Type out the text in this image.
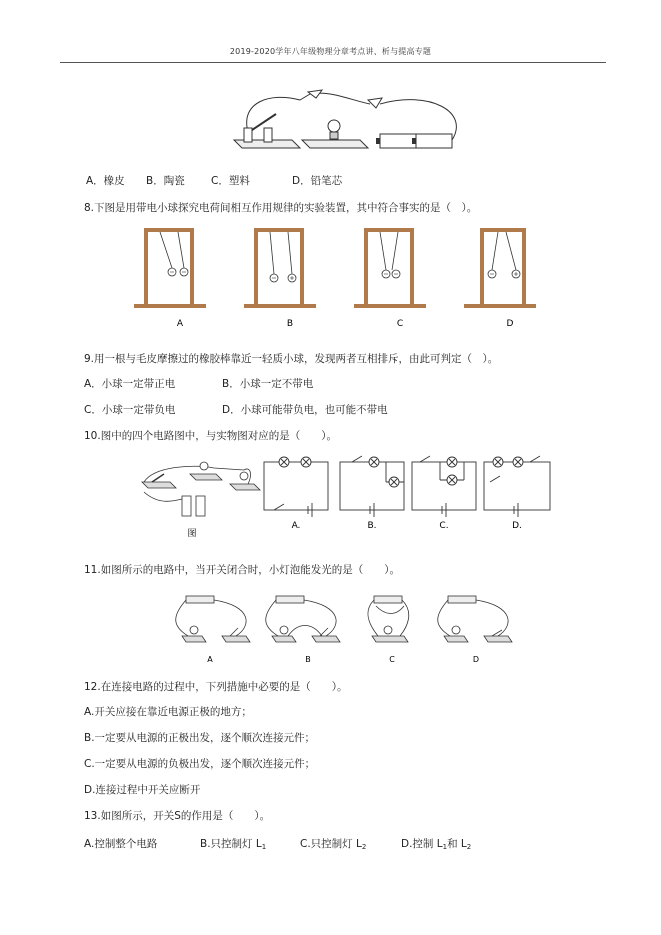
2019-2020学年八年级物理分章考点讲、析与提高专题
A．橡皮 B．陶瓷	C．塑料	D．铅笔芯
8.下图是用带电小球探究电荷间相互作用规律的实验装置，其中符合事实的是（　）。
A	B	C	D
9.用一根与毛皮摩擦过的橡胶棒靠近一轻质小球，发现两者互相排斥，由此可判定（　）。
A．小球一定带正电	B．小球一定不带电
C．小球一定带负电	D．小球可能带负电，也可能不带电
10.图中的四个电路图中，与实物图对应的是（　　）。
图
A.	B.	C.	D.
11.如图所示的电路中，当开关闭合时，小灯泡能发光的是（　　）。
A	B	C	D
12.在连接电路的过程中，下列措施中必要的是（　　）。
A.开关应接在靠近电源正极的地方；
B.一定要从电源的正极出发，逐个顺次连接元件；
C.一定要从电源的负极出发，逐个顺次连接元件；
D.连接过程中开关应断开
13.如图所示，开关S的作用是（　　）。
A.控制整个电路	B.只控制灯 $L_1$	C.只控制灯 $L_2$	D.控制 $L_1$和 $L_2$
